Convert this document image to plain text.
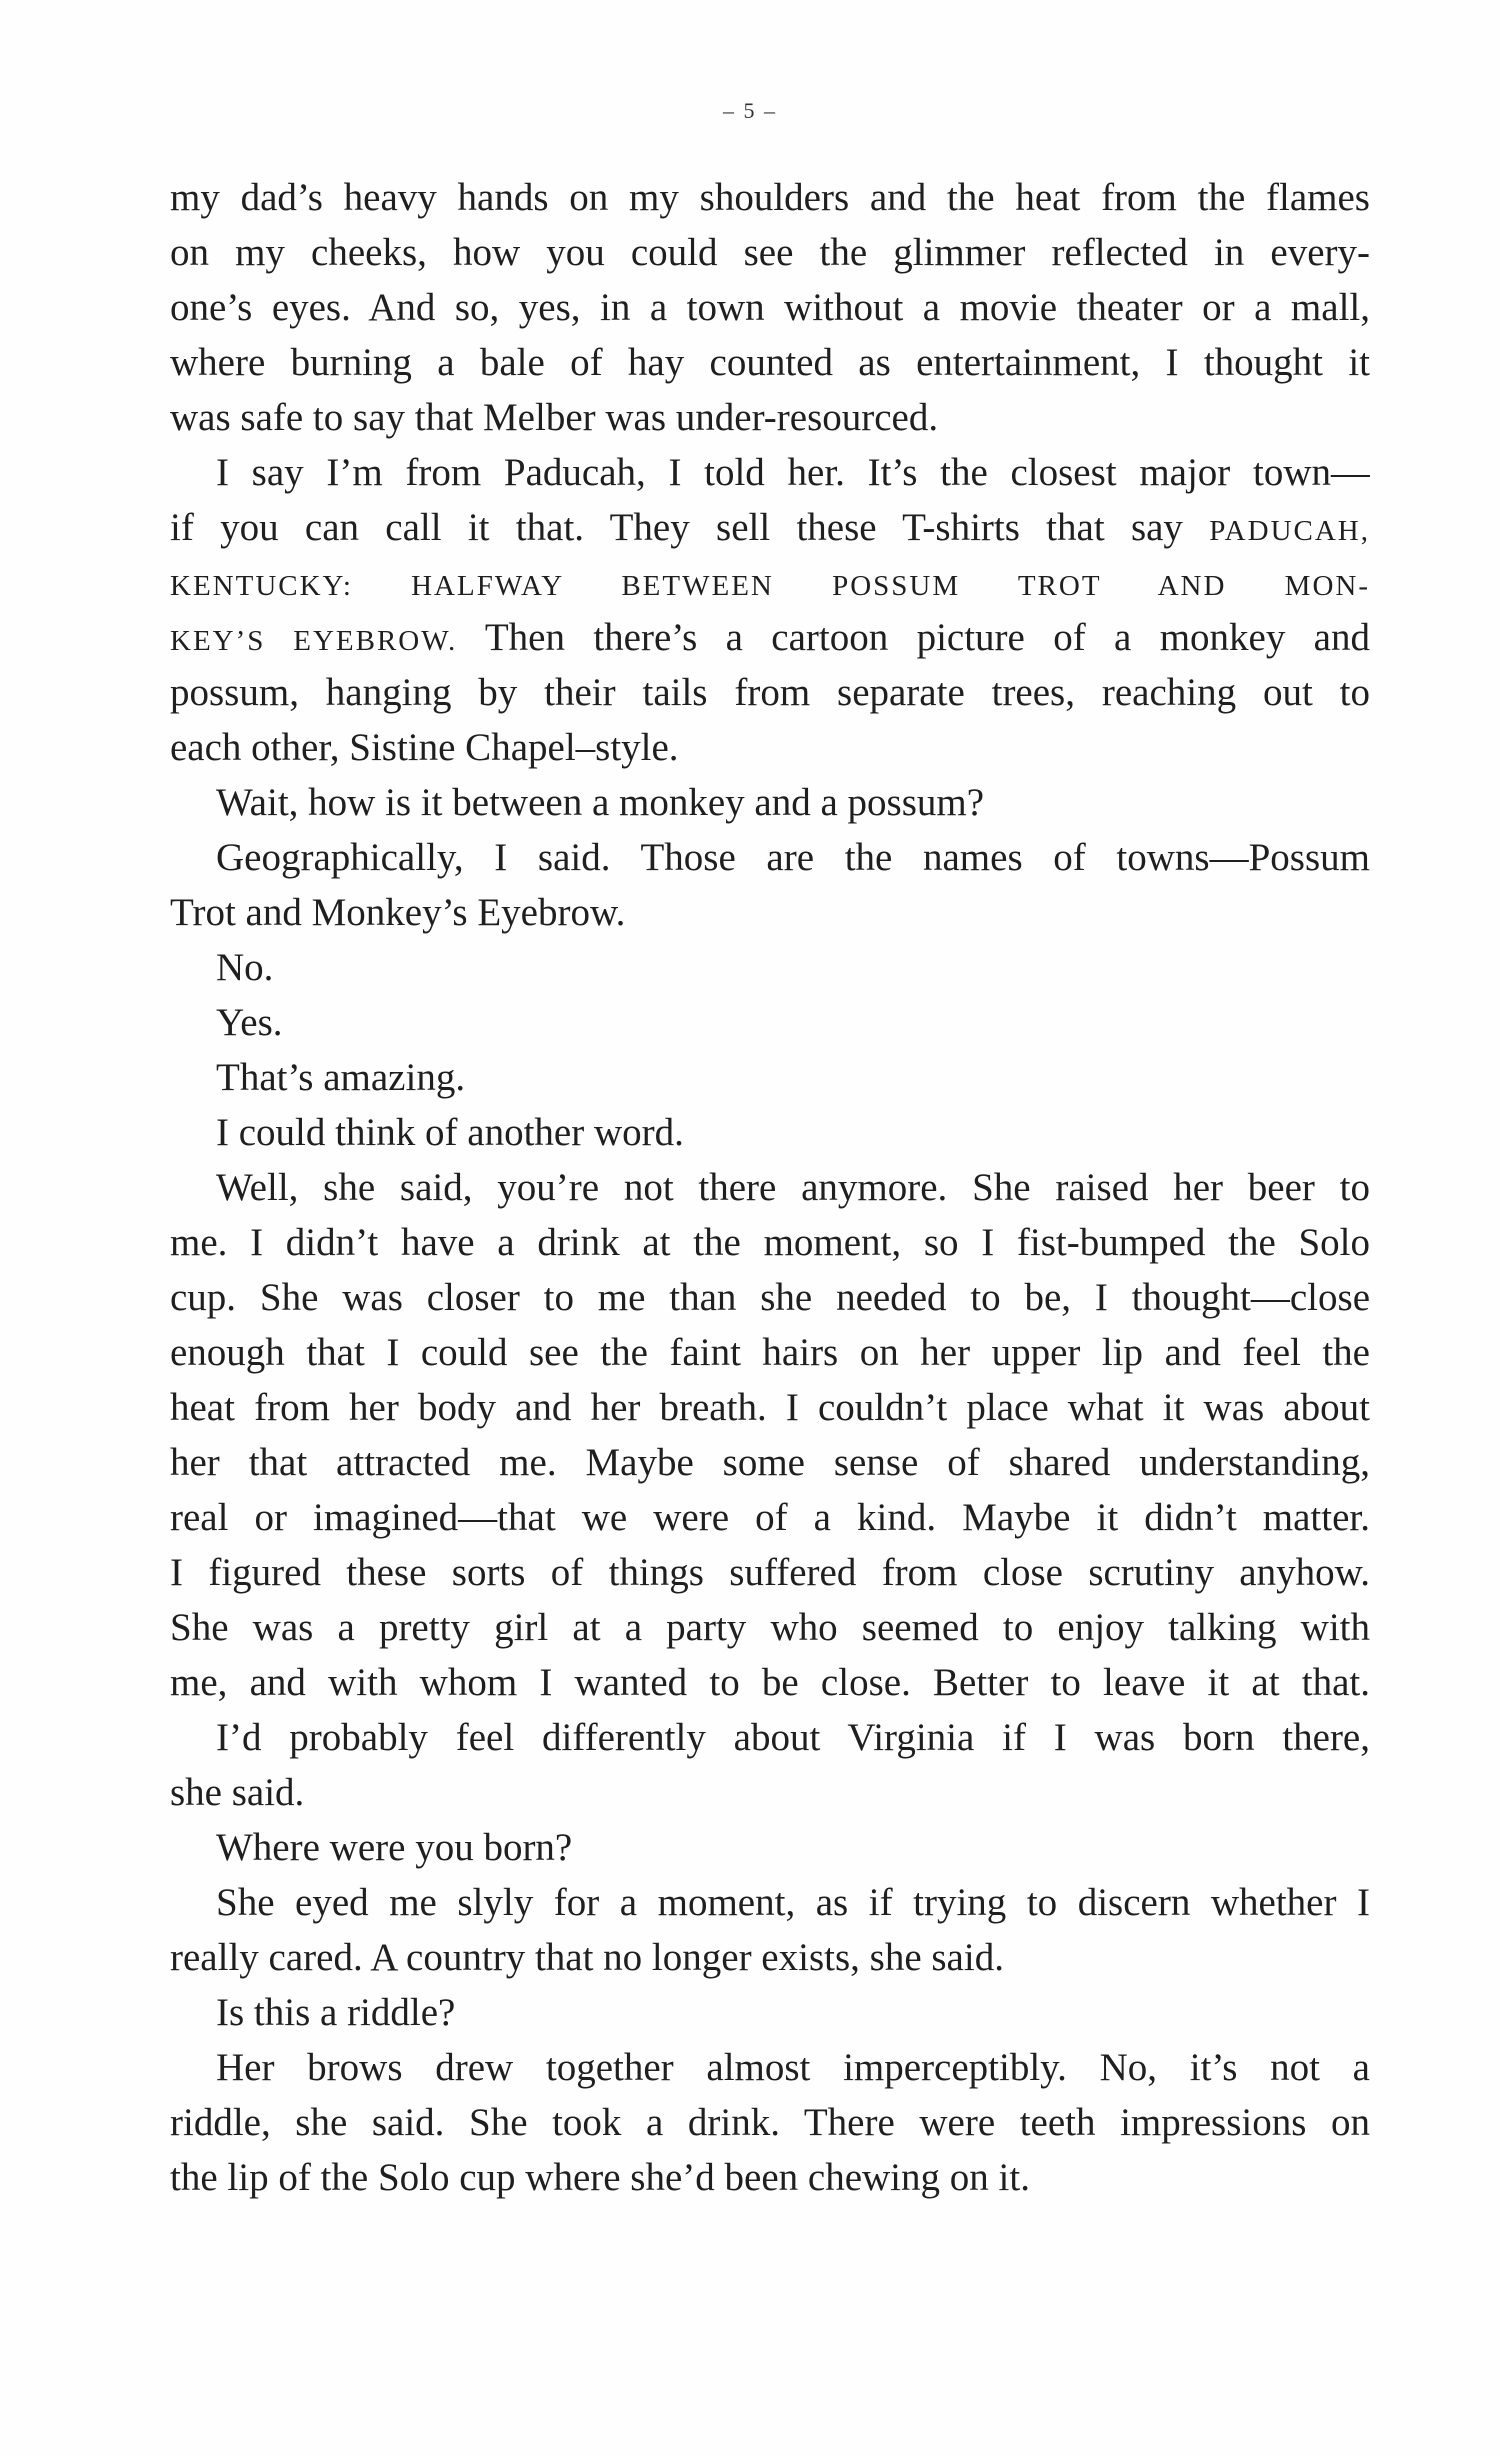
– 5 –
my dad’s heavy hands on my shoulders and the heat from the flames
on my cheeks, how you could see the glimmer reflected in every-
one’s eyes. And so, yes, in a town without a movie theater or a mall,
where burning a bale of hay counted as entertainment, I thought it
was safe to say that Melber was under-resourced.
I say I’m from Paducah, I told her. It’s the closest major town—
if you can call it that. They sell these T-shirts that say PADUCAH,
KENTUCKY: HALFWAY BETWEEN POSSUM TROT AND MON-
KEY’S EYEBROW. Then there’s a cartoon picture of a monkey and
possum, hanging by their tails from separate trees, reaching out to
each other, Sistine Chapel–style.
Wait, how is it between a monkey and a possum?
Geographically, I said. Those are the names of towns—Possum
Trot and Monkey’s Eyebrow.
No.
Yes.
That’s amazing.
I could think of another word.
Well, she said, you’re not there anymore. She raised her beer to
me. I didn’t have a drink at the moment, so I fist-bumped the Solo
cup. She was closer to me than she needed to be, I thought—close
enough that I could see the faint hairs on her upper lip and feel the
heat from her body and her breath. I couldn’t place what it was about
her that attracted me. Maybe some sense of shared understanding,
real or imagined—that we were of a kind. Maybe it didn’t matter.
I figured these sorts of things suffered from close scrutiny anyhow.
She was a pretty girl at a party who seemed to enjoy talking with
me, and with whom I wanted to be close. Better to leave it at that.
I’d probably feel differently about Virginia if I was born there,
she said.
Where were you born?
She eyed me slyly for a moment, as if trying to discern whether I
really cared. A country that no longer exists, she said.
Is this a riddle?
Her brows drew together almost imperceptibly. No, it’s not a
riddle, she said. She took a drink. There were teeth impressions on
the lip of the Solo cup where she’d been chewing on it.
